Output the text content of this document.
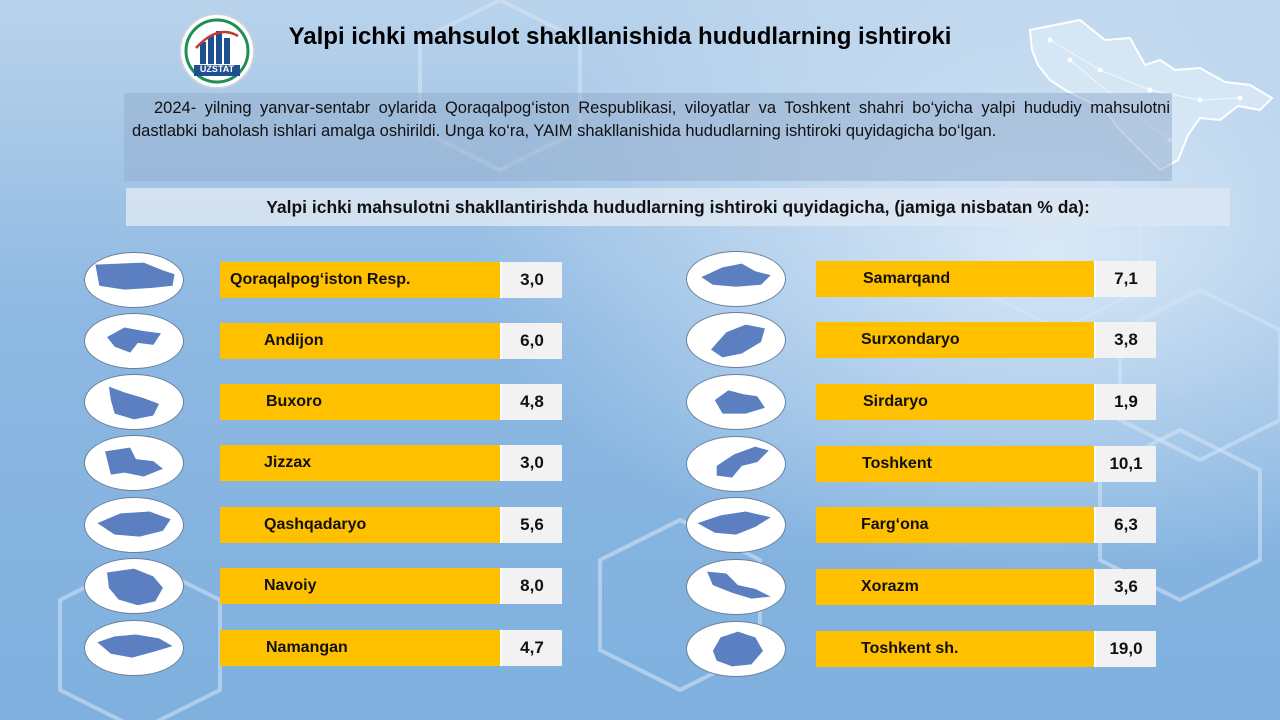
UZSTAT
Yalpi ichki mahsulot shakllanishida hududlarning ishtiroki
2024- yilning yanvar-sentabr oylarida Qoraqalpog‘iston Respublikasi, viloyatlar va Toshkent shahri bo‘yicha yalpi hududiy mahsulotni dastlabki baholash ishlari amalga oshirildi. Unga ko‘ra, YAIM shakllanishida hududlarning ishtiroki quyidagicha bo‘lgan.
Yalpi ichki mahsulotni shakllantirishda hududlarning ishtiroki quyidagicha, (jamiga nisbatan % da):
Qoraqalpog‘iston Resp.	3,0
Andijon	6,0
Buxoro	4,8
Jizzax	3,0
Qashqadaryo	5,6
Navoiy	8,0
Namangan	4,7
Samarqand	7,1
Surxondaryo	3,8
Sirdaryo	1,9
Toshkent	10,1
Farg‘ona	6,3
Xorazm	3,6
Toshkent sh.	19,0
